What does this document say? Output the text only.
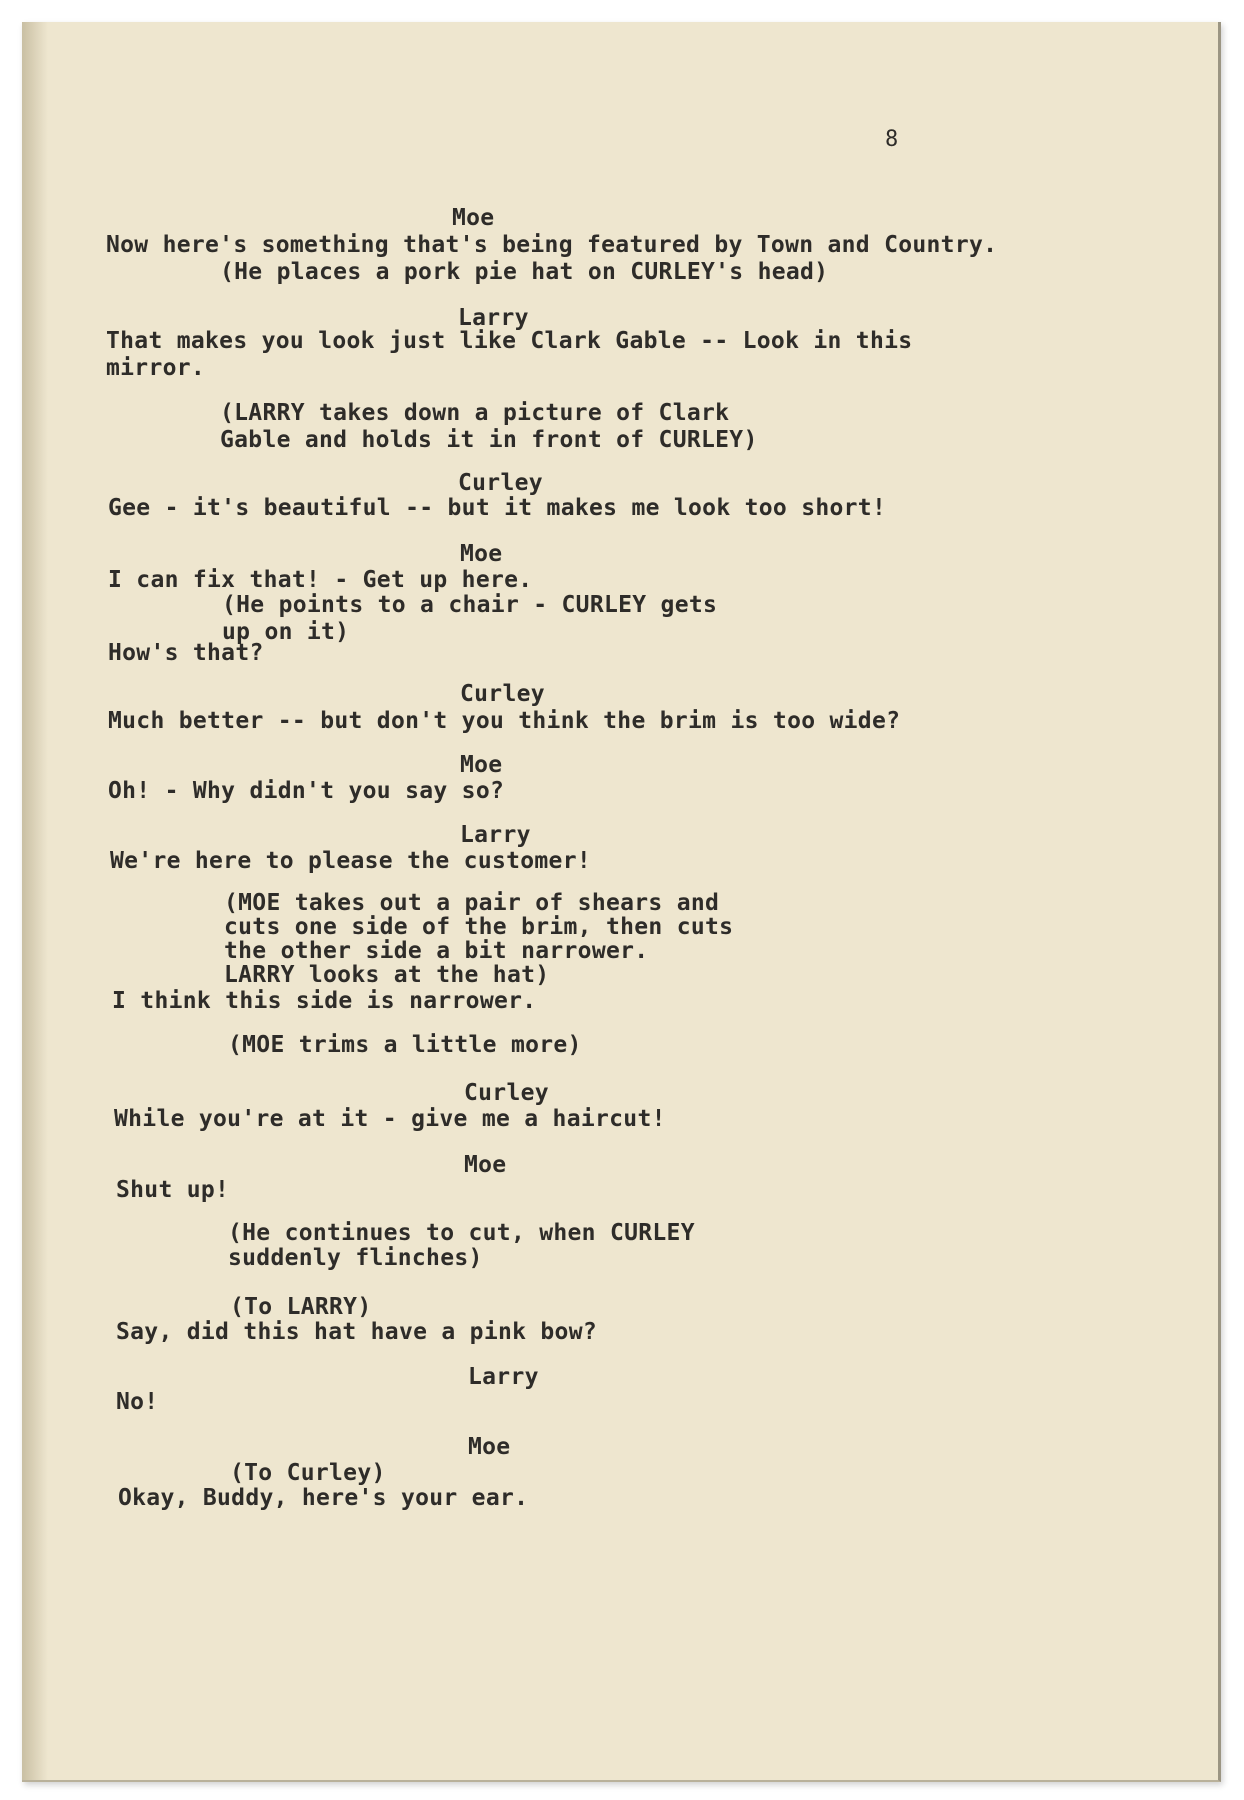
8

Moe

Now here's something that's being featured by Town and Country.

(He places a pork pie hat on CURLEY's head)

Larry

That makes you look just like Clark Gable -- Look in this
mirror.
(LARRY takes down a picture of Clark
Gable and holds it in front of CURLEY)

Curley

Gee - it's beautiful -- but it makes me look too short!

Moe

I can fix that! - Get up here.

(He points to a chair - CURLEY gets
up on it)

How's that?

Curley

Much better -- but don't you think the brim is too wide?

Moe

Oh! - Why didn't you say so?

Larry

We're here to please the customer!

(MOE takes out a pair of shears and
cuts one side of the brim, then cuts
the other side a bit narrower.
LARRY looks at the hat)

I think this side is narrower.

(MOE trims a little more)

Curley

While you're at it - give me a haircut!

Moe

Shut up!

(He continues to cut, when CURLEY
suddenly flinches)

(To LARRY)

Say, did this hat have a pink bow?

Larry

No!

Moe

(To Curley)

Okay, Buddy, here's your ear.
